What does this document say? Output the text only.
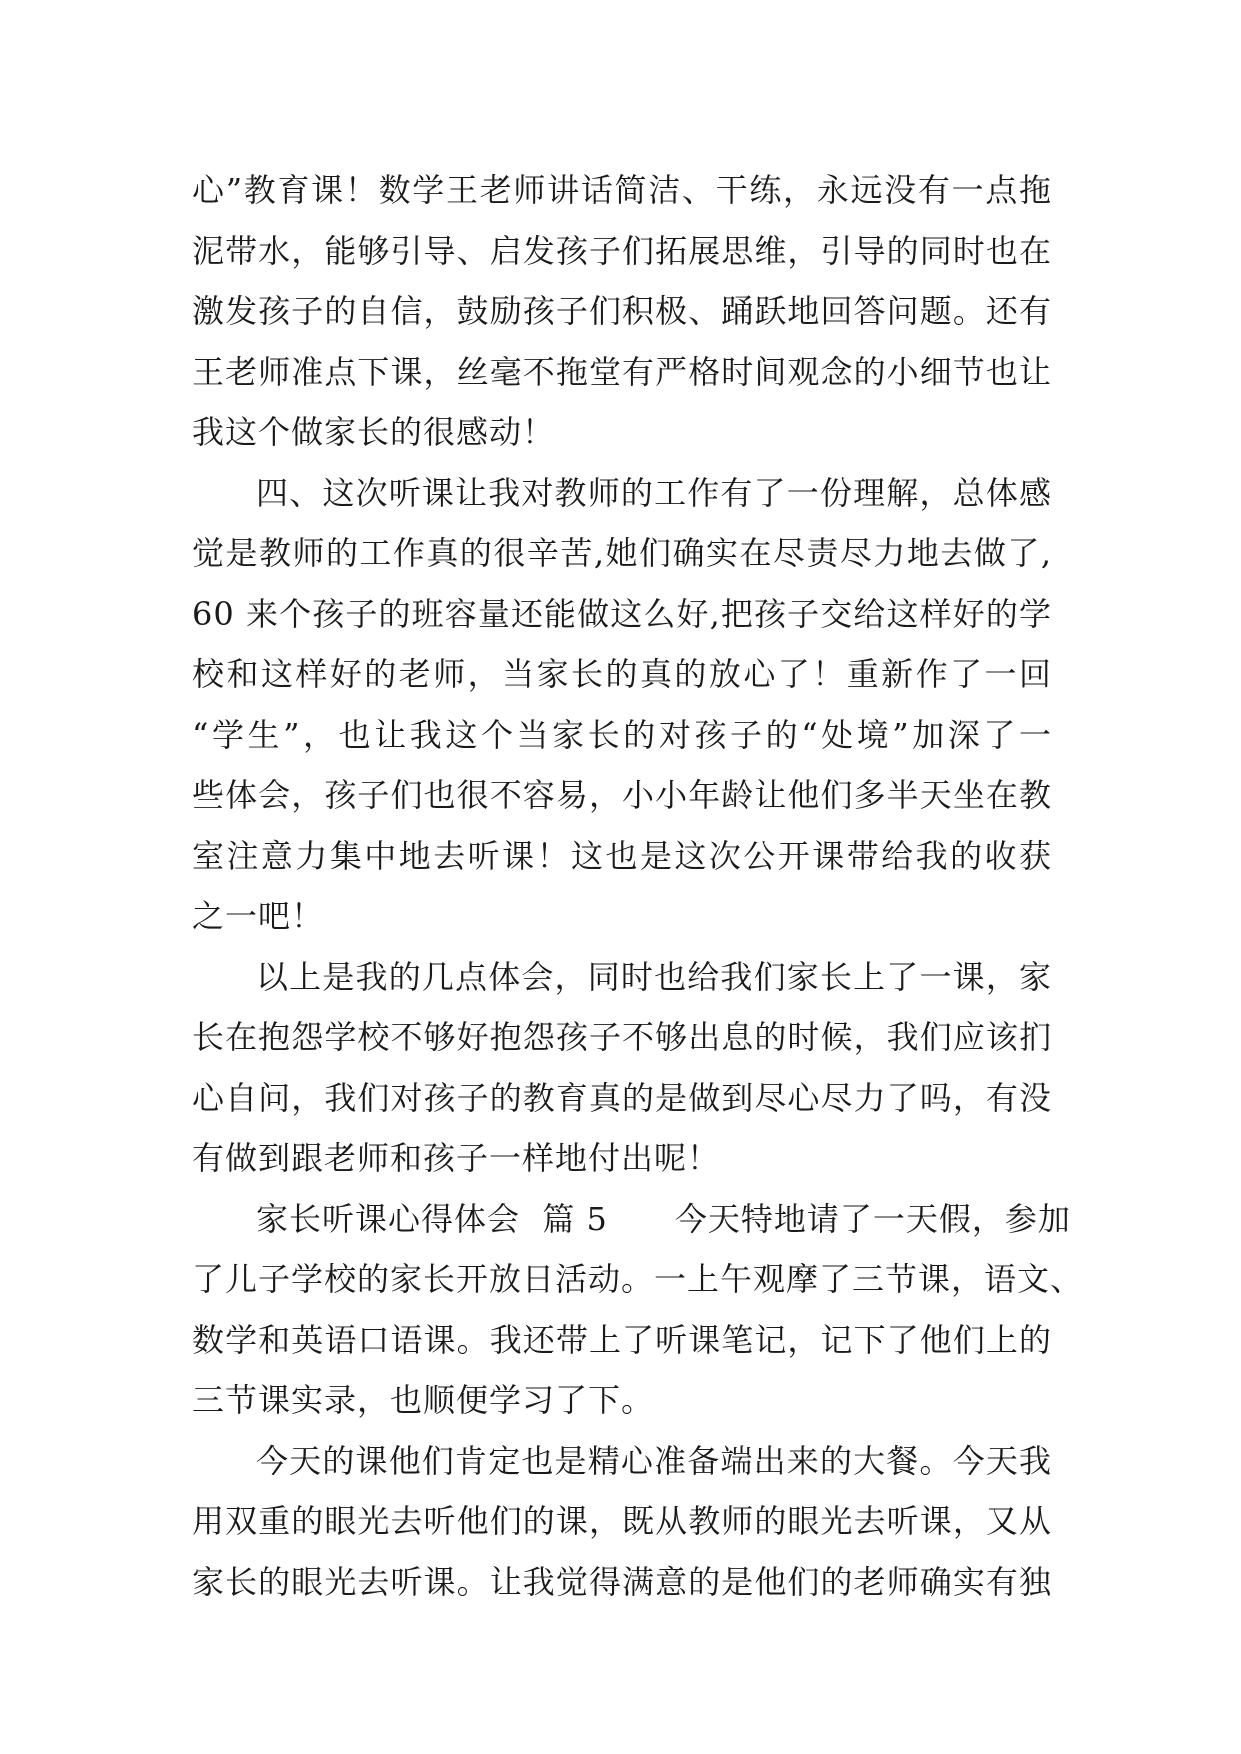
心”教育课！数学王老师讲话简洁、干练，永远没有一点拖
泥带水，能够引导、启发孩子们拓展思维，引导的同时也在
激发孩子的自信，鼓励孩子们积极、踊跃地回答问题。还有
王老师准点下课，丝毫不拖堂有严格时间观念的小细节也让
我这个做家长的很感动！
四、这次听课让我对教师的工作有了一份理解，总体感
觉是教师的工作真的很辛苦,她们确实在尽责尽力地去做了,
60 来个孩子的班容量还能做这么好,把孩子交给这样好的学
校和这样好的老师，当家长的真的放心了！重新作了一回
“学生”，也让我这个当家长的对孩子的“处境”加深了一
些体会，孩子们也很不容易，小小年龄让他们多半天坐在教
室注意力集中地去听课！这也是这次公开课带给我的收获
之一吧！
以上是我的几点体会，同时也给我们家长上了一课，家
长在抱怨学校不够好抱怨孩子不够出息的时候，我们应该扪
心自问，我们对孩子的教育真的是做到尽心尽力了吗，有没
有做到跟老师和孩子一样地付出呢！
家长听课心得体会  篇 5      今天特地请了一天假，参加
了儿子学校的家长开放日活动。一上午观摩了三节课，语文、
数学和英语口语课。我还带上了听课笔记，记下了他们上的
三节课实录，也顺便学习了下。
今天的课他们肯定也是精心准备端出来的大餐。今天我
用双重的眼光去听他们的课，既从教师的眼光去听课，又从
家长的眼光去听课。让我觉得满意的是他们的老师确实有独
